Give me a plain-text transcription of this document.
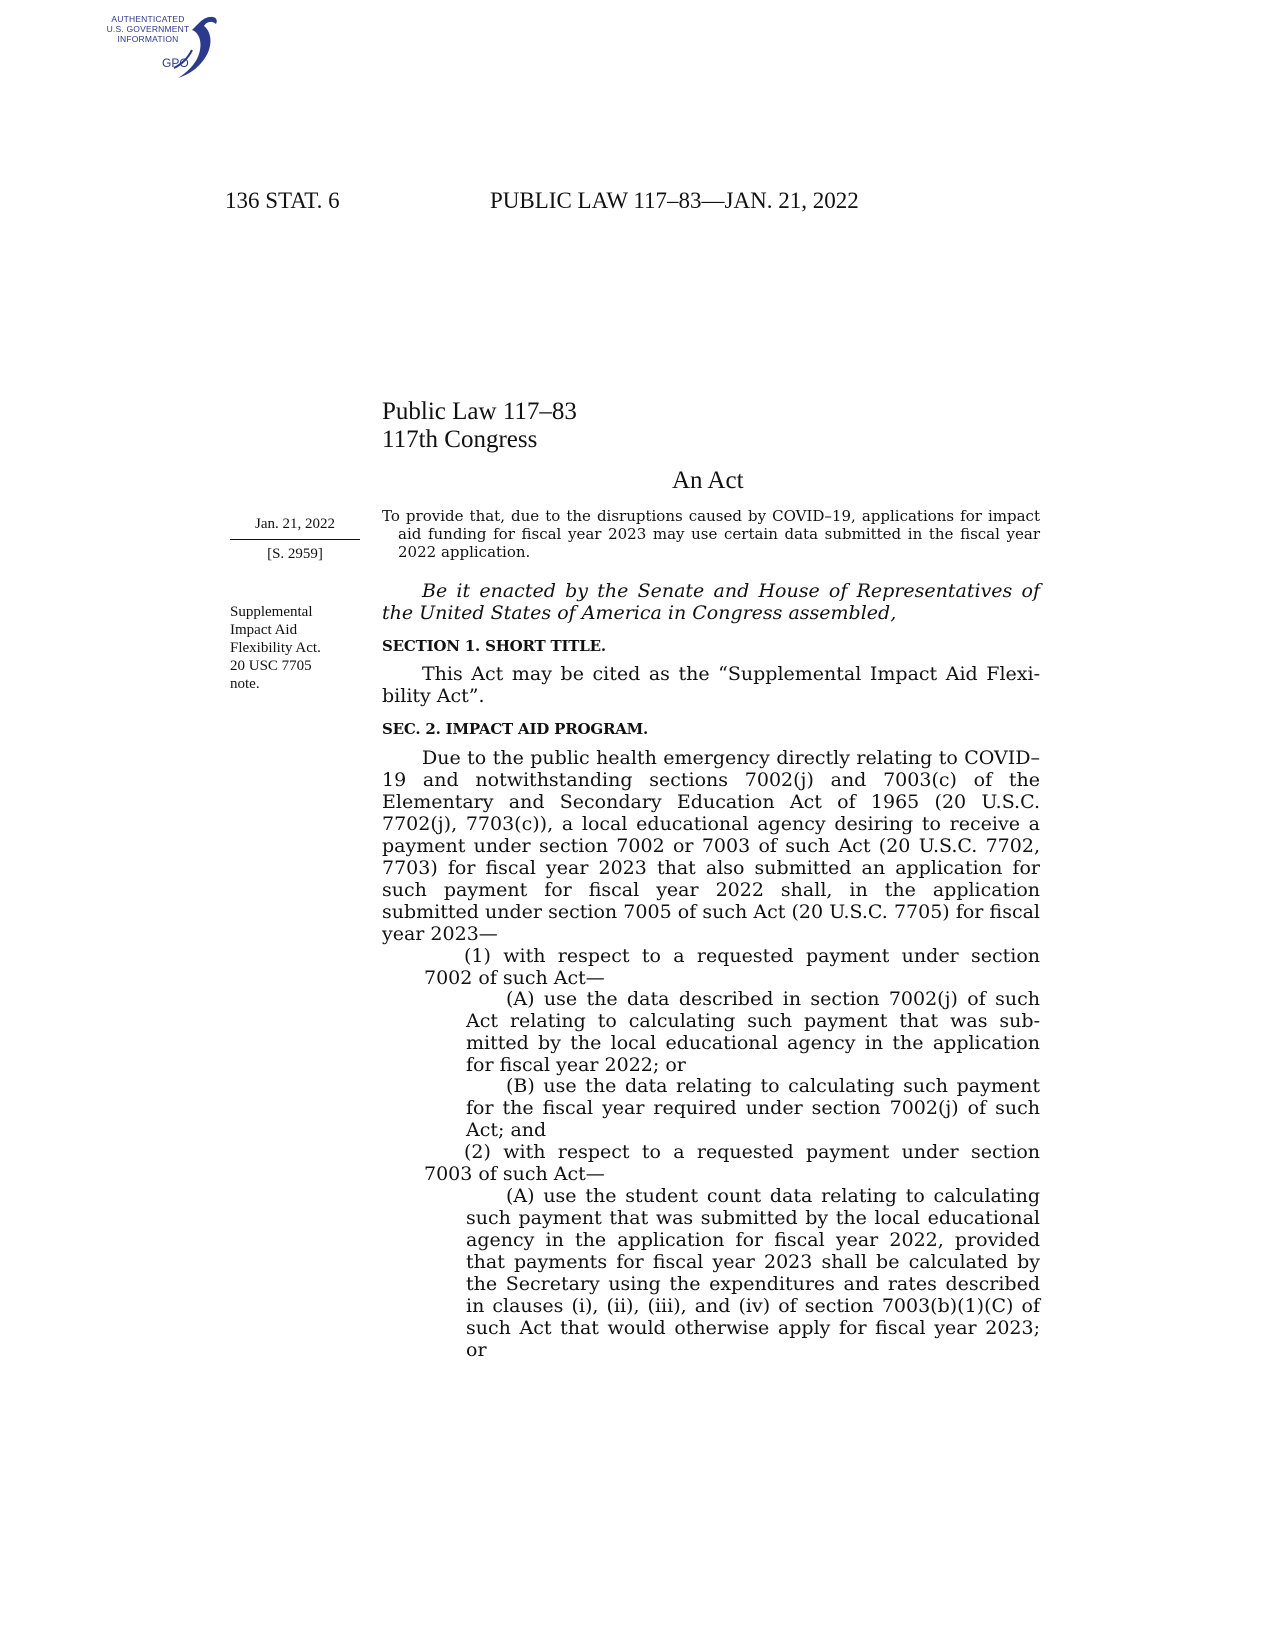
AUTHENTICATED
U.S. GOVERNMENT
INFORMATION
GPO
136 STAT. 6	PUBLIC LAW 117–83—JAN. 21, 2022
Public Law 117–83
117th Congress
An Act
Jan. 21, 2022
[S. 2959]
Supplemental
Impact Aid
Flexibility Act.
20 USC 7705
note.
To provide that, due to the disruptions caused by COVID–19, applications for impact aid funding for fiscal year 2023 may use certain data submitted in the fiscal year 2022 application.
Be it enacted by the Senate and House of Representatives of the United States of America in Congress assembled,
SECTION 1. SHORT TITLE.
This Act may be cited as the “Supplemental Impact Aid Flexi-bility Act”.
SEC. 2. IMPACT AID PROGRAM.
Due to the public health emergency directly relating to COVID–19 and notwithstanding sections 7002(j) and 7003(c) of the Elementary and Secondary Education Act of 1965 (20 U.S.C. 7702(j), 7703(c)), a local educational agency desiring to receive a payment under section 7002 or 7003 of such Act (20 U.S.C. 7702, 7703) for fiscal year 2023 that also submitted an application for such payment for fiscal year 2022 shall, in the application submitted under section 7005 of such Act (20 U.S.C. 7705) for fiscal year 2023—
(1) with respect to a requested payment under section 7002 of such Act—
(A) use the data described in section 7002(j) of such Act relating to calculating such payment that was sub-mitted by the local educational agency in the application for fiscal year 2022; or
(B) use the data relating to calculating such payment for the fiscal year required under section 7002(j) of such Act; and
(2) with respect to a requested payment under section 7003 of such Act—
(A) use the student count data relating to calculating such payment that was submitted by the local educational agency in the application for fiscal year 2022, provided that payments for fiscal year 2023 shall be calculated by the Secretary using the expenditures and rates described in clauses (i), (ii), (iii), and (iv) of section 7003(b)(1)(C) of such Act that would otherwise apply for fiscal year 2023; or
